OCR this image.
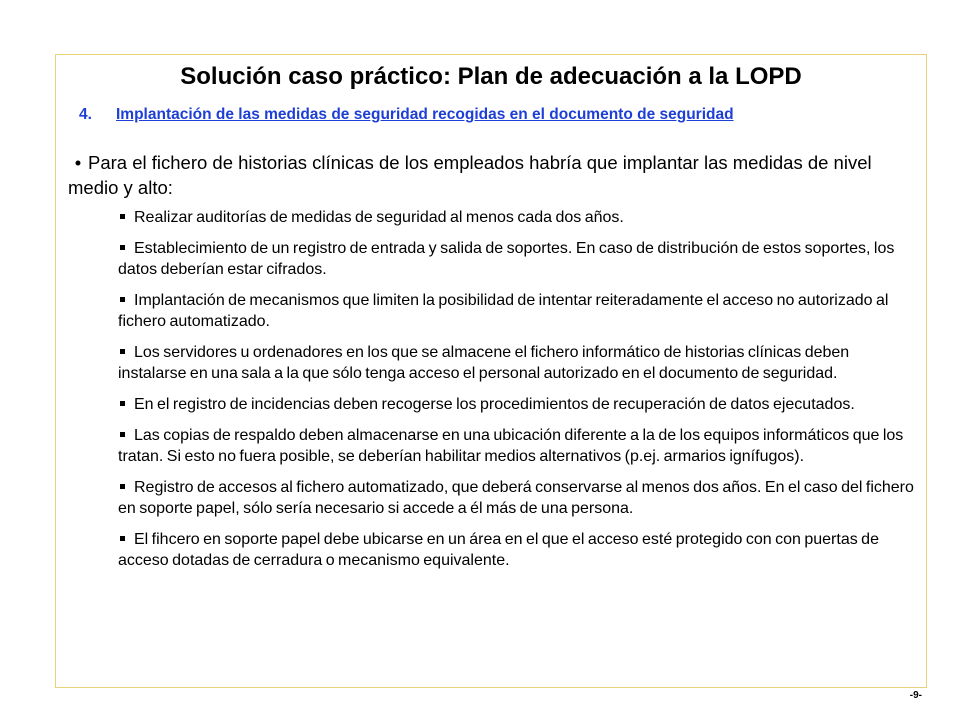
Solución caso práctico: Plan de adecuación a la LOPD
4. Implantación de las medidas de seguridad recogidas en el documento de seguridad

• Para el fichero de historias clínicas de los empleados habría que implantar las medidas de nivel medio y alto:

Realizar auditorías de medidas de seguridad al menos cada dos años.
Establecimiento de un registro de entrada y salida de soportes. En caso de distribución de estos soportes, los datos deberían estar cifrados.
Implantación de mecanismos que limiten la posibilidad de intentar reiteradamente el acceso no autorizado al fichero automatizado.
Los servidores u ordenadores en los que se almacene el fichero informático de historias clínicas deben instalarse en una sala a la que sólo tenga acceso el personal autorizado en el documento de seguridad.
En el registro de incidencias deben recogerse los procedimientos de recuperación de datos ejecutados.
Las copias de respaldo deben almacenarse en una ubicación diferente a la de los equipos informáticos que los tratan. Si esto no fuera posible, se deberían habilitar medios alternativos (p.ej. armarios ignífugos).
Registro de accesos al fichero automatizado, que deberá conservarse al menos dos años. En el caso del fichero en soporte papel, sólo sería necesario si accede a él más de una persona.
El fihcero en soporte papel debe ubicarse en un área en el que el acceso esté protegido con con puertas de acceso dotadas de cerradura o mecanismo equivalente.
-9-
